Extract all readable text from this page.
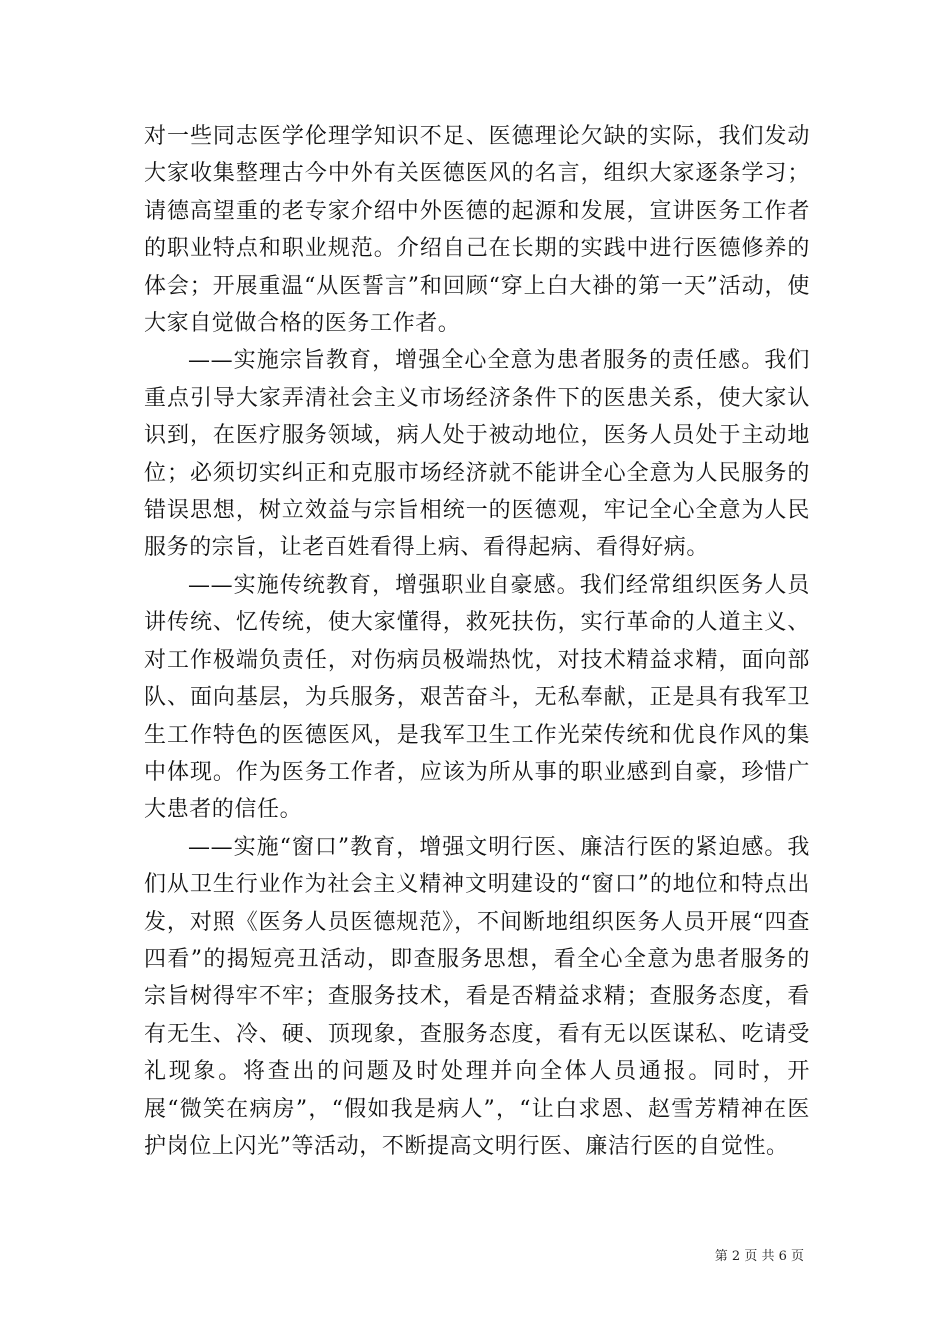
对一些同志医学伦理学知识不足、医德理论欠缺的实际，我们发动大家收集整理古今中外有关医德医风的名言，组织大家逐条学习；请德高望重的老专家介绍中外医德的起源和发展，宣讲医务工作者的职业特点和职业规范。介绍自己在长期的实践中进行医德修养的体会；开展重温“从医誓言”和回顾“穿上白大褂的第一天”活动，使大家自觉做合格的医务工作者。

——实施宗旨教育，增强全心全意为患者服务的责任感。我们重点引导大家弄清社会主义市场经济条件下的医患关系，使大家认识到，在医疗服务领域，病人处于被动地位，医务人员处于主动地位；必须切实纠正和克服市场经济就不能讲全心全意为人民服务的错误思想，树立效益与宗旨相统一的医德观，牢记全心全意为人民服务的宗旨，让老百姓看得上病、看得起病、看得好病。

——实施传统教育，增强职业自豪感。我们经常组织医务人员讲传统、忆传统，使大家懂得，救死扶伤，实行革命的人道主义、对工作极端负责任，对伤病员极端热忱，对技术精益求精，面向部队、面向基层，为兵服务，艰苦奋斗，无私奉献，正是具有我军卫生工作特色的医德医风，是我军卫生工作光荣传统和优良作风的集中体现。作为医务工作者，应该为所从事的职业感到自豪，珍惜广大患者的信任。

——实施“窗口”教育，增强文明行医、廉洁行医的紧迫感。我们从卫生行业作为社会主义精神文明建设的“窗口”的地位和特点出发，对照《医务人员医德规范》，不间断地组织医务人员开展“四查四看”的揭短亮丑活动，即查服务思想，看全心全意为患者服务的宗旨树得牢不牢；查服务技术，看是否精益求精；查服务态度，看有无生、冷、硬、顶现象，查服务态度，看有无以医谋私、吃请受礼现象。将查出的问题及时处理并向全体人员通报。同时，开展“微笑在病房”，“假如我是病人”，“让白求恩、赵雪芳精神在医护岗位上闪光”等活动，不断提高文明行医、廉洁行医的自觉性。

第 2 页 共 6 页
